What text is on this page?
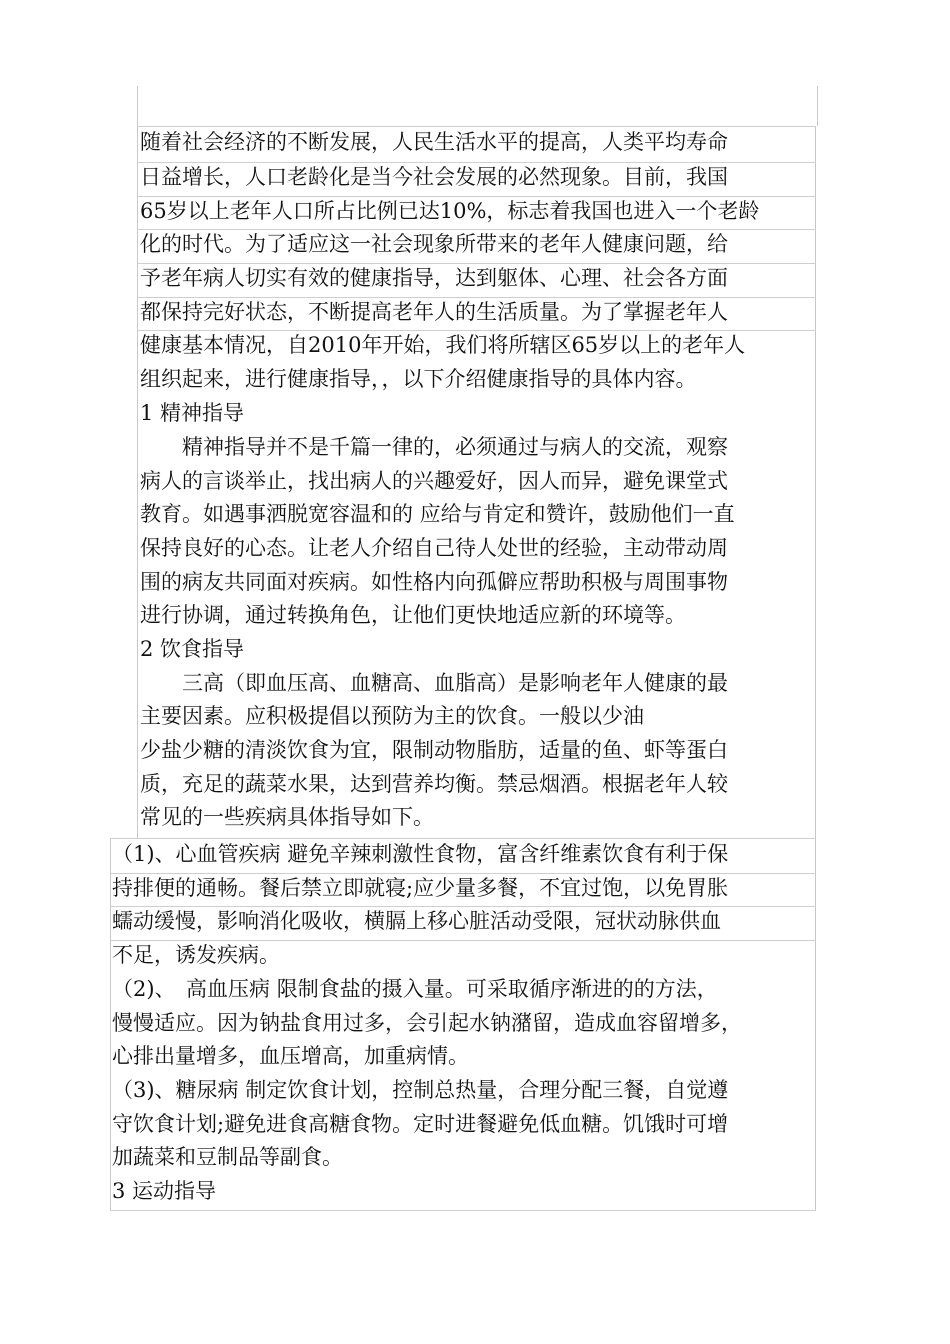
随着社会经济的不断发展，人民生活水平的提高，人类平均寿命
日益增长，人口老龄化是当今社会发展的必然现象。目前，我国
65岁以上老年人口所占比例已达10%，标志着我国也进入一个老龄
化的时代。为了适应这一社会现象所带来的老年人健康问题，给
予老年病人切实有效的健康指导，达到躯体、心理、社会各方面
都保持完好状态，不断提高老年人的生活质量。为了掌握老年人
健康基本情况，自2010年开始，我们将所辖区65岁以上的老年人
组织起来，进行健康指导，，以下介绍健康指导的具体内容。
1 精神指导
　　精神指导并不是千篇一律的，必须通过与病人的交流，观察
病人的言谈举止，找出病人的兴趣爱好，因人而异，避免课堂式
教育。如遇事洒脱宽容温和的 应给与肯定和赞许，鼓励他们一直
保持良好的心态。让老人介绍自己待人处世的经验，主动带动周
围的病友共同面对疾病。如性格内向孤僻应帮助积极与周围事物
进行协调，通过转换角色，让他们更快地适应新的环境等。
2 饮食指导
　　三高（即血压高、血糖高、血脂高）是影响老年人健康的最
主要因素。应积极提倡以预防为主的饮食。一般以少油
少盐少糖的清淡饮食为宜，限制动物脂肪，适量的鱼、虾等蛋白
质，充足的蔬菜水果，达到营养均衡。禁忌烟酒。根据老年人较
常见的一些疾病具体指导如下。
（1)、心血管疾病 避免辛辣刺激性食物，富含纤维素饮食有利于保
持排便的通畅。餐后禁立即就寝;应少量多餐，不宜过饱，以免胃胀
蠕动缓慢，影响消化吸收，横膈上移心脏活动受限，冠状动脉供血
不足，诱发疾病。
（2)、　高血压病 限制食盐的摄入量。可采取循序渐进的的方法，
慢慢适应。因为钠盐食用过多，会引起水钠潴留，造成血容留增多，
心排出量增多，血压增高，加重病情。
（3)、糖尿病 制定饮食计划，控制总热量，合理分配三餐，自觉遵
守饮食计划;避免进食高糖食物。定时进餐避免低血糖。饥饿时可增
加蔬菜和豆制品等副食。
3 运动指导
